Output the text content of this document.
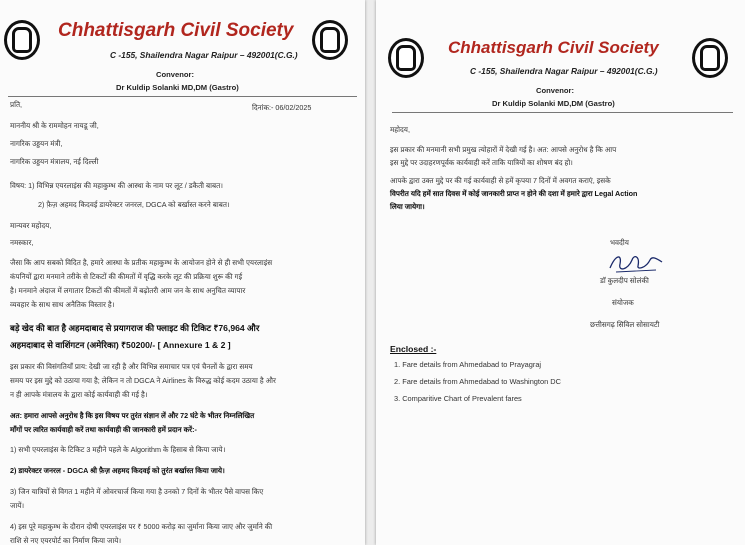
Chhattisgarh Civil Society
C -155, Shailendra Nagar Raipur – 492001(C.G.)
Convenor:
Dr Kuldip Solanki MD,DM (Gastro)
प्रति,	दिनांक:- 06/02/2025
माननीय श्री के राममोहन नायडू जी,
नागरिक उड्डयन मंत्री,
नागरिक उड्डयन मंत्रालय, नई दिल्ली
विषय: 1) विभिन्न एयरलाइंस की महाकुम्भ की आस्था के नाम पर लूट / डकैती बाबत।
2) फ़ैज़ अहमद किदवई डायरेक्टर जनरल, DGCA को बर्खास्त करने बाबत।
मान्यवर महोदय,
नमस्कार,
जैसा कि आप सबको विदित है, हमारे आस्था के प्रतीक महाकुम्भ के आयोजन होने से ही सभी एयरलाइंस
कंपनियों द्वारा मनमाने तरीके से टिकटों की कीमतों में वृद्धि करके लूट की प्रक्रिया शुरू की गई
है। मनमाने अंदाज में लगातार टिकटों की कीमतों में बढ़ोतरी आम जन के साथ अनुचित व्यापार
व्यवहार के साथ साथ अनैतिक विस्तार है।
बड़े खेद की बात है अहमदाबाद से प्रयागराज की फ्लाइट की टिकिट ₹76,964 और
अहमदाबाद से वाशिंगटन (अमेरिका) ₹50200/- [ Annexure 1 & 2 ]
इस प्रकार की विसंगतियाँ प्राय: देखी जा रही है और विभिन्न समाचार पत्र एवं चैनलों के द्वारा समय
समय पर इस मुद्दे को उठाया गया है; लेकिन न तो DGCA ने Airlines के विरुद्ध कोई कदम उठाया है और
न ही आपके मंत्रालय के द्वारा कोई कार्यवाही की गई है।
अत: हमारा आपसे अनुरोध है कि इस विषय पर तुरंत संज्ञान लें और 72 घंटे के भीतर निम्नलिखित
माँगों पर त्वरित कार्यवाही करें तथा कार्यवाही की जानकारी हमें प्रदान करें:-
1) सभी एयरलाइंस के टिकिट 3 महीने पहले के Algorithm के हिसाब से किया जाये।
2) डायरेक्टर जनरल - DGCA श्री फ़ैज़ अहमद किदवई को तुरंत बर्खास्त किया जाये।
3) जिन यात्रियों से विगत 1 महीने में ओवरचार्ज किया गया है उनको 7 दिनों के भीतर पैसे वापस किए
जायें।
4) इस पूरे महाकुम्भ के दौरान दोषी एयरलाइंस पर ₹ 5000 करोड़ का जुर्माना किया जाए और जुर्माने की
राशि से नए एयरपोर्ट का निर्माण किया जाये।
Chhattisgarh Civil Society
C -155, Shailendra Nagar Raipur – 492001(C.G.)
Convenor:
Dr Kuldip Solanki MD,DM (Gastro)
महोदय,
इस प्रकार की मनमानी सभी प्रमुख त्योहारों में देखी गई है। अत: आपसे अनुरोध है कि आप
इस मुद्दे पर उदाहरणपूर्वक कार्यवाही करें ताकि यात्रियों का शोषण बंद हो।
आपके द्वारा उक्त मुद्दे पर की गई कार्यवाही से हमें कृपया 7 दिनों में अवगत कराएं, इसके
विपरीत यदि हमें सात दिवस में कोई जानकारी प्राप्त न होने की दशा में हमारे द्वारा Legal Action
लिया जायेगा।
भवदीय
डॉ कुलदीप सोलंकी
संयोजक
छत्तीसगढ़ सिविल सोसायटी
Enclosed :-
1. Fare details from Ahmedabad to Prayagraj
2. Fare details from Ahmedabad to Washington DC
3. Comparitive Chart of Prevalent fares
